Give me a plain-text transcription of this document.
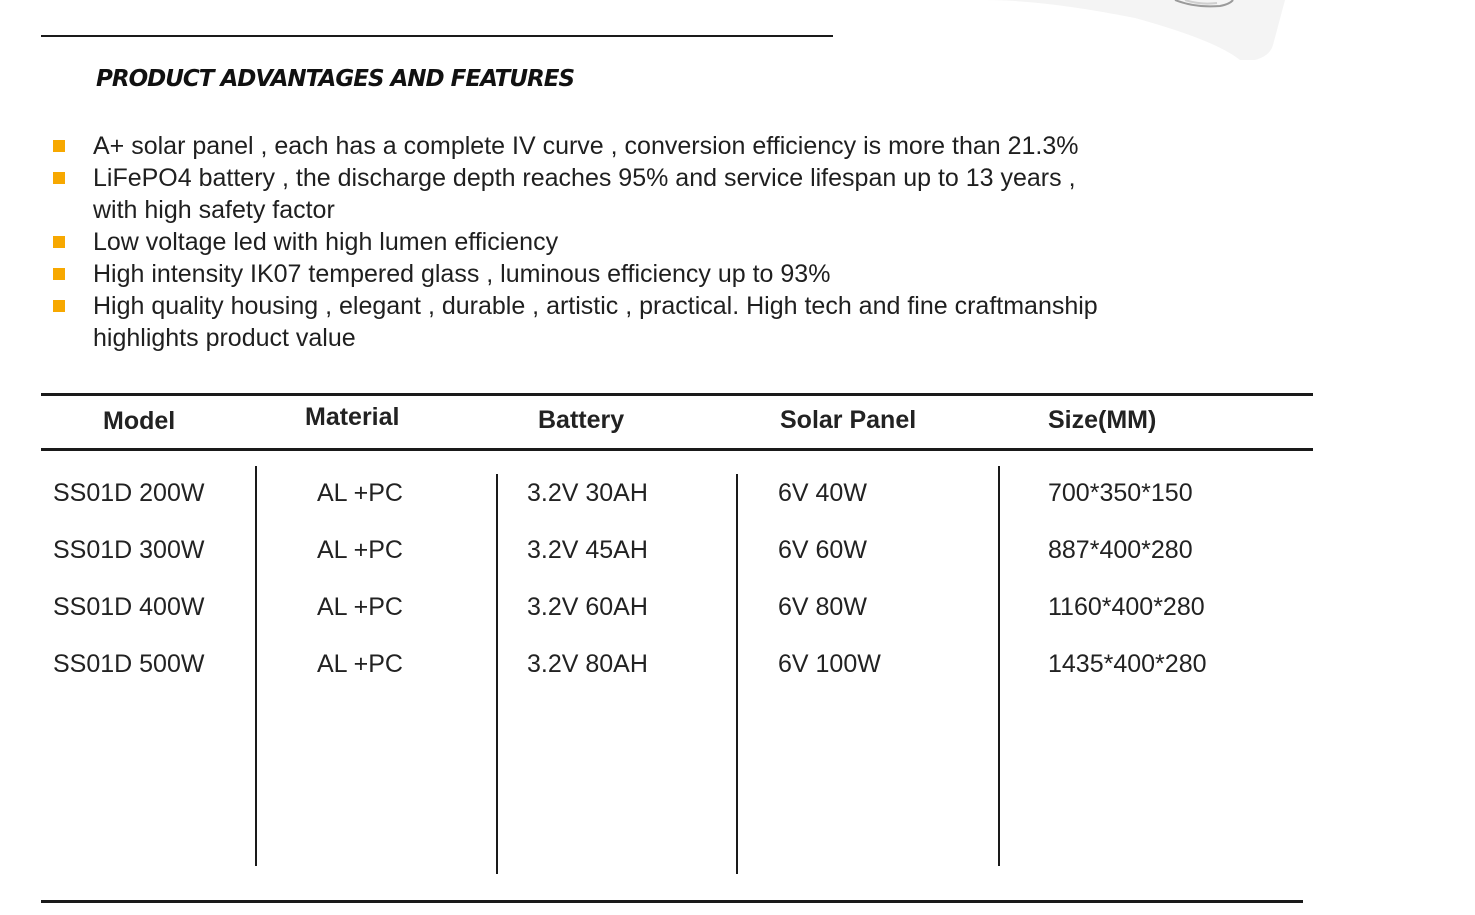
PRODUCT ADVANTAGES AND FEATURES
A+ solar panel , each has a complete IV curve , conversion efficiency is more than 21.3%
LiFePO4 battery , the discharge depth reaches 95% and service lifespan up to 13 years ,
with high safety factor
Low voltage led with high lumen efficiency
High intensity IK07 tempered glass , luminous efficiency up to 93%
High quality housing , elegant , durable , artistic , practical. High tech and fine craftmanship
highlights product value
Model	Material	Battery	Solar Panel	Size(MM)
SS01D 200W	AL +PC	3.2V 30AH	6V 40W	700*350*150
SS01D 300W	AL +PC	3.2V 45AH	6V 60W	887*400*280
SS01D 400W	AL +PC	3.2V 60AH	6V 80W	1160*400*280
SS01D 500W	AL +PC	3.2V 80AH	6V 100W	1435*400*280
